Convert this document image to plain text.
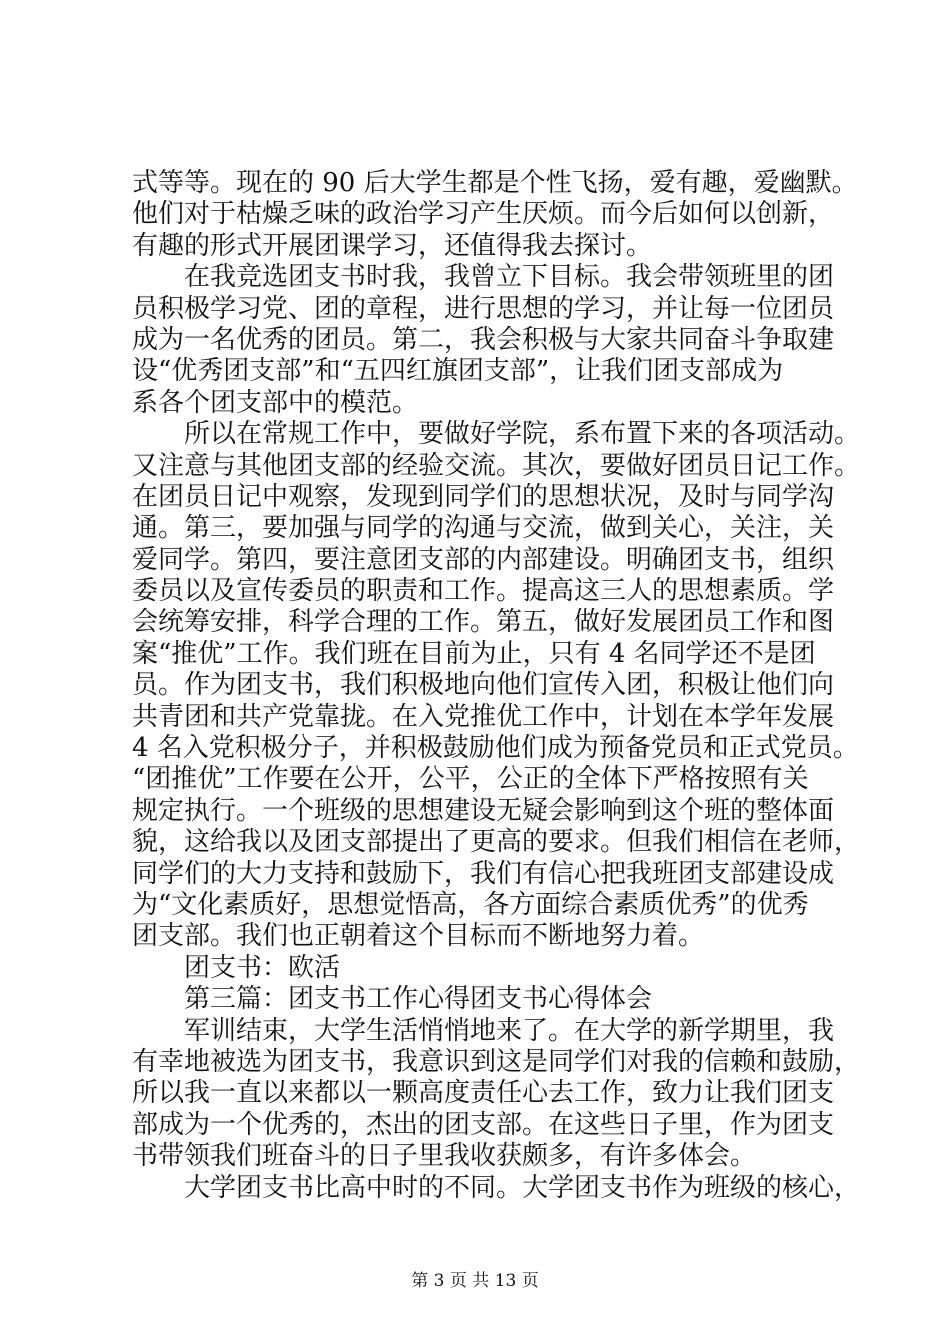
式等等。现在的 90 后大学生都是个性飞扬，爱有趣，爱幽默。
他们对于枯燥乏味的政治学习产生厌烦。而今后如何以创新，
有趣的形式开展团课学习，还值得我去探讨。
　　在我竞选团支书时我，我曾立下目标。我会带领班里的团
员积极学习党、团的章程，进行思想的学习，并让每一位团员
成为一名优秀的团员。第二，我会积极与大家共同奋斗争取建
设“优秀团支部”和“五四红旗团支部”，让我们团支部成为
系各个团支部中的模范。
　　所以在常规工作中，要做好学院，系布置下来的各项活动。
又注意与其他团支部的经验交流。其次，要做好团员日记工作。
在团员日记中观察，发现到同学们的思想状况，及时与同学沟
通。第三，要加强与同学的沟通与交流，做到关心，关注，关
爱同学。第四，要注意团支部的内部建设。明确团支书，组织
委员以及宣传委员的职责和工作。提高这三人的思想素质。学
会统筹安排，科学合理的工作。第五，做好发展团员工作和图
案“推优”工作。我们班在目前为止，只有 4 名同学还不是团
员。作为团支书，我们积极地向他们宣传入团，积极让他们向
共青团和共产党靠拢。在入党推优工作中，计划在本学年发展
4 名入党积极分子，并积极鼓励他们成为预备党员和正式党员。
“团推优”工作要在公开，公平，公正的全体下严格按照有关
规定执行。一个班级的思想建设无疑会影响到这个班的整体面
貌，这给我以及团支部提出了更高的要求。但我们相信在老师，
同学们的大力支持和鼓励下，我们有信心把我班团支部建设成
为“文化素质好，思想觉悟高，各方面综合素质优秀”的优秀
团支部。我们也正朝着这个目标而不断地努力着。
　　团支书：欧活
　　第三篇：团支书工作心得团支书心得体会
　　军训结束，大学生活悄悄地来了。在大学的新学期里，我
有幸地被选为团支书，我意识到这是同学们对我的信赖和鼓励，
所以我一直以来都以一颗高度责任心去工作，致力让我们团支
部成为一个优秀的，杰出的团支部。在这些日子里，作为团支
书带领我们班奋斗的日子里我收获颇多，有许多体会。
　　大学团支书比高中时的不同。大学团支书作为班级的核心，
第 3 页 共 13 页
